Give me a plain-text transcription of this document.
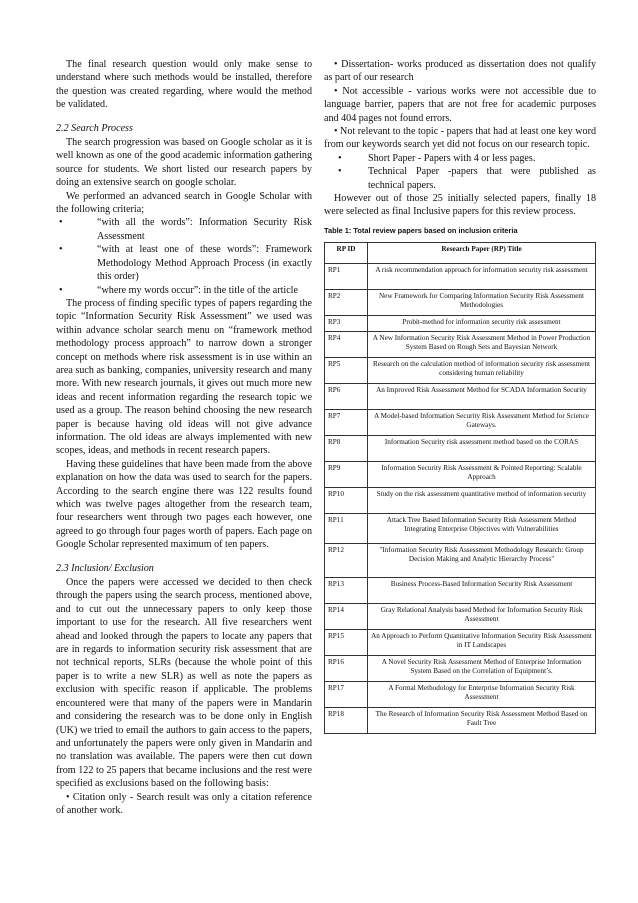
The final research question would only make sense to understand where such methods would be installed, therefore the question was created regarding, where would the method be validated.

2.2 Search Process

The search progression was based on Google scholar as it is well known as one of the good academic information gathering source for students. We short listed our research papers by doing an extensive search on google scholar.

We performed an advanced search in Google Scholar with the following criteria;

•	“with all the words”: Information Security Risk Assessment
•	“with at least one of these words”: Framework Methodology Method Approach Process (in exactly this order)
•	“where my words occur”: in the title of the article

The process of finding specific types of papers regarding the topic “Information Security Risk Assessment” we used was within advance scholar search menu on “framework method methodology process approach” to narrow down a stronger concept on methods where risk assessment is in use within an area such as banking, companies, university research and many more. With new research journals, it gives out much more new ideas and recent information regarding the research topic we used as a group. The reason behind choosing the new research paper is because having old ideas will not give advance information. The old ideas are always implemented with new scopes, ideas, and methods in recent research papers.

Having these guidelines that have been made from the above explanation on how the data was used to search for the papers. According to the search engine there was 122 results found which was twelve pages altogether from the research team, four researchers went through two pages each however, one agreed to go through four pages worth of papers. Each page on Google Scholar represented maximum of ten papers.

2.3 Inclusion/ Exclusion

Once the papers were accessed we decided to then check through the papers using the search process, mentioned above, and to cut out the unnecessary papers to only keep those important to use for the research. All five researchers went ahead and looked through the papers to locate any papers that are in regards to information security risk assessment that are not technical reports, SLRs (because the whole point of this paper is to write a new SLR) as well as note the papers as exclusion with specific reason if applicable. The problems encountered were that many of the papers were in Mandarin and considering the research was to be done only in English (UK) we tried to email the authors to gain access to the papers, and unfortunately the papers were only given in Mandarin and no translation was available. The papers were then cut down from 122 to 25 papers that became inclusions and the rest were specified as exclusions based on the following basis:

• Citation only - Search result was only a citation reference of another work.

• Dissertation- works produced as dissertation does not qualify as part of our research

• Not accessible - various works were not accessible due to language barrier, papers that are not free for academic purposes and 404 pages not found errors.

• Not relevant to the topic - papers that had at least one key word from our keywords search yet did not focus on our research topic.

•	Short Paper - Papers with 4 or less pages.
•	Technical Paper -papers that were published as technical papers.

However out of those 25 initially selected papers, finally 18 were selected as final Inclusive papers for this review process.

Table 1: Total review papers based on inclusion criteria

RP ID	Research Paper (RP) Title
RP1	A risk recommendation approach for information security risk assessment
RP2	New Framework for Comparing Information Security Risk Assessment Methodologies
RP3	Probit-method for information security risk assessment
RP4	A New Information Security Risk Assessment Method in Power Production System Based on Rough Sets and Bayesian Network
RP5	Research on the calculation method of information security risk assessment considering human reliability
RP6	An Improved Risk Assessment Method for SCADA Information Security
RP7	A Model-based Information Security Risk Assessment Method for Science Gateways.
RP8	Information Security risk assessment method based on the CORAS
RP9	Information Security Risk Assessment & Pointed Reporting: Scalable Approach
RP10	Study on the risk assessment quantitative method of information security
RP11	Attack Tree Based Information Security Risk Assessment Method Integrating Enterprise Objectives with Vulnerabilities
RP12	"Information Security Risk Assessment Methodology Research: Group Decision Making and Analytic Hierarchy Process"
RP13	Business Process-Based Information Security Risk Assessment
RP14	Gray Relational Analysis based Method for Information Security Risk Assessment
RP15	An Approach to Perform Quantitative Information Security Risk Assessment in IT Landscapes
RP16	A Novel Security Risk Assessment Method of Enterprise Information System Based on the Correlation of Equipment’s.
RP17	A Formal Methodology for Enterprise Information Security Risk Assessment
RP18	The Research of Information Security Risk Assessment Method Based on Fault Tree
